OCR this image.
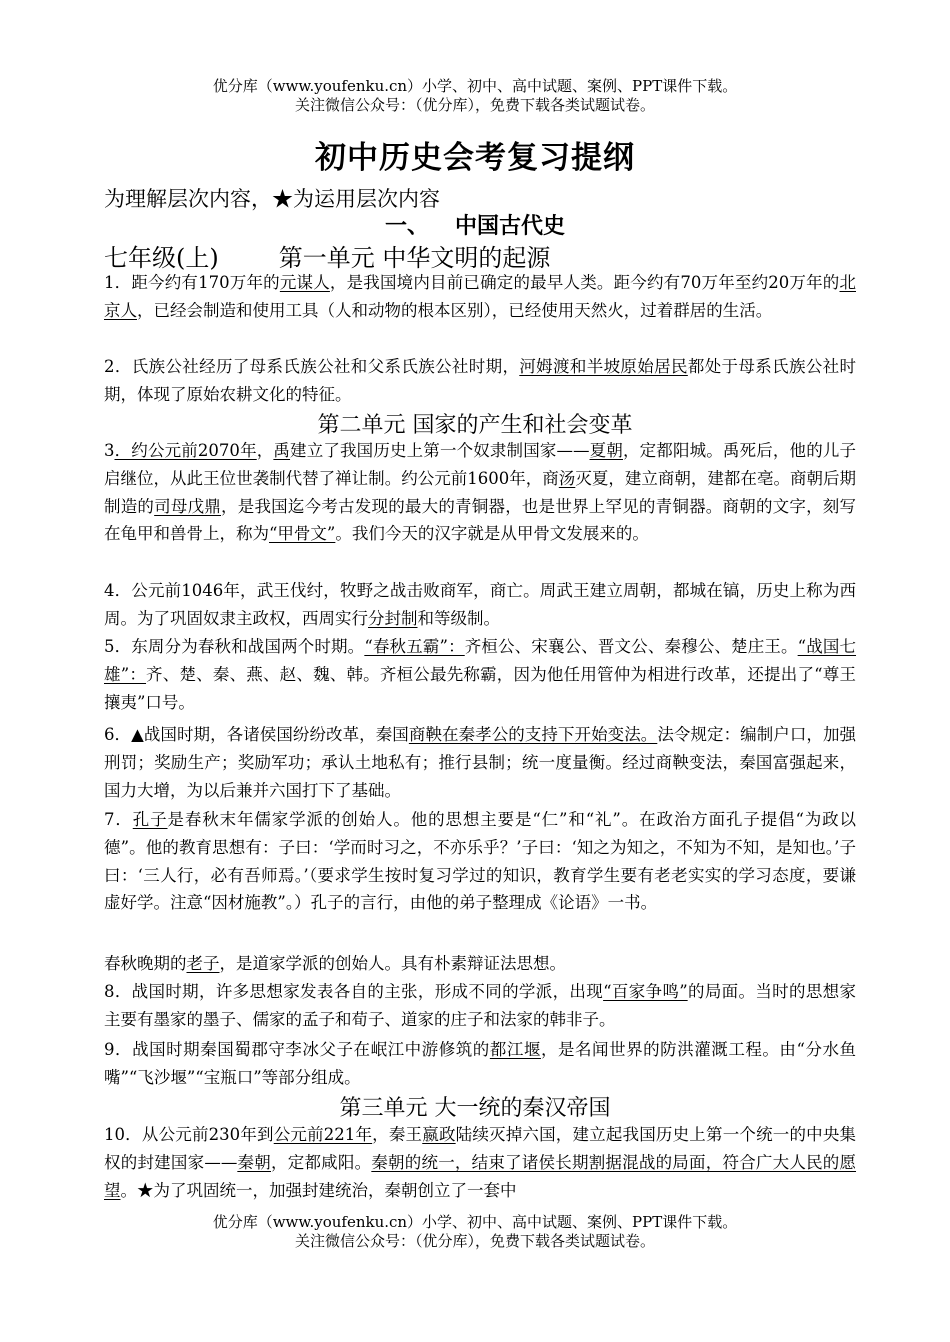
优分库（www.youfenku.cn）小学、初中、高中试题、案例、PPT课件下载。
关注微信公众号：（优分库），免费下载各类试题试卷。
初中历史会考复习提纲
为理解层次内容，★为运用层次内容
一、 中国古代史
七年级(上)	第一单元 中华文明的起源
1．距今约有170万年的元谋人，是我国境内目前已确定的最早人类。距今约有70万年至约20万年的北京人，已经会制造和使用工具（人和动物的根本区别），已经使用天然火，过着群居的生活。
2．氏族公社经历了母系氏族公社和父系氏族公社时期，河姆渡和半坡原始居民都处于母系氏族公社时期，体现了原始农耕文化的特征。
第二单元 国家的产生和社会变革
3．约公元前2070年，禹建立了我国历史上第一个奴隶制国家——夏朝，定都阳城。禹死后，他的儿子启继位，从此王位世袭制代替了禅让制。约公元前1600年，商汤灭夏，建立商朝，建都在亳。商朝后期制造的司母戊鼎，是我国迄今考古发现的最大的青铜器，也是世界上罕见的青铜器。商朝的文字，刻写在龟甲和兽骨上，称为“甲骨文”。我们今天的汉字就是从甲骨文发展来的。
4．公元前1046年，武王伐纣，牧野之战击败商军，商亡。周武王建立周朝，都城在镐，历史上称为西周。为了巩固奴隶主政权，西周实行分封制和等级制。
5．东周分为春秋和战国两个时期。“春秋五霸”：齐桓公、宋襄公、晋文公、秦穆公、楚庄王。“战国七雄”：齐、楚、秦、燕、赵、魏、韩。齐桓公最先称霸，因为他任用管仲为相进行改革，还提出了“尊王攘夷”口号。
6．▲战国时期，各诸侯国纷纷改革，秦国商鞅在秦孝公的支持下开始变法。法令规定：编制户口，加强刑罚；奖励生产；奖励军功；承认土地私有；推行县制；统一度量衡。经过商鞅变法，秦国富强起来，国力大增，为以后兼并六国打下了基础。
7．孔子是春秋末年儒家学派的创始人。他的思想主要是“仁”和“礼”。在政治方面孔子提倡“为政以德”。他的教育思想有：子曰：‘学而时习之，不亦乐乎？’子曰：‘知之为知之，不知为不知，是知也。’子曰：‘三人行，必有吾师焉。’（要求学生按时复习学过的知识，教育学生要有老老实实的学习态度，要谦虚好学。注意“因材施教”。）孔子的言行，由他的弟子整理成《论语》一书。
春秋晚期的老子，是道家学派的创始人。具有朴素辩证法思想。
8．战国时期，许多思想家发表各自的主张，形成不同的学派，出现“百家争鸣”的局面。当时的思想家主要有墨家的墨子、儒家的孟子和荀子、道家的庄子和法家的韩非子。
9．战国时期秦国蜀郡守李冰父子在岷江中游修筑的都江堰，是名闻世界的防洪灌溉工程。由“分水鱼嘴”“飞沙堰”“宝瓶口”等部分组成。
第三单元 大一统的秦汉帝国
10．从公元前230年到公元前221年，秦王嬴政陆续灭掉六国，建立起我国历史上第一个统一的中央集权的封建国家——秦朝，定都咸阳。秦朝的统一，结束了诸侯长期割据混战的局面，符合广大人民的愿望。★为了巩固统一，加强封建统治，秦朝创立了一套中
优分库（www.youfenku.cn）小学、初中、高中试题、案例、PPT课件下载。
关注微信公众号：（优分库），免费下载各类试题试卷。
